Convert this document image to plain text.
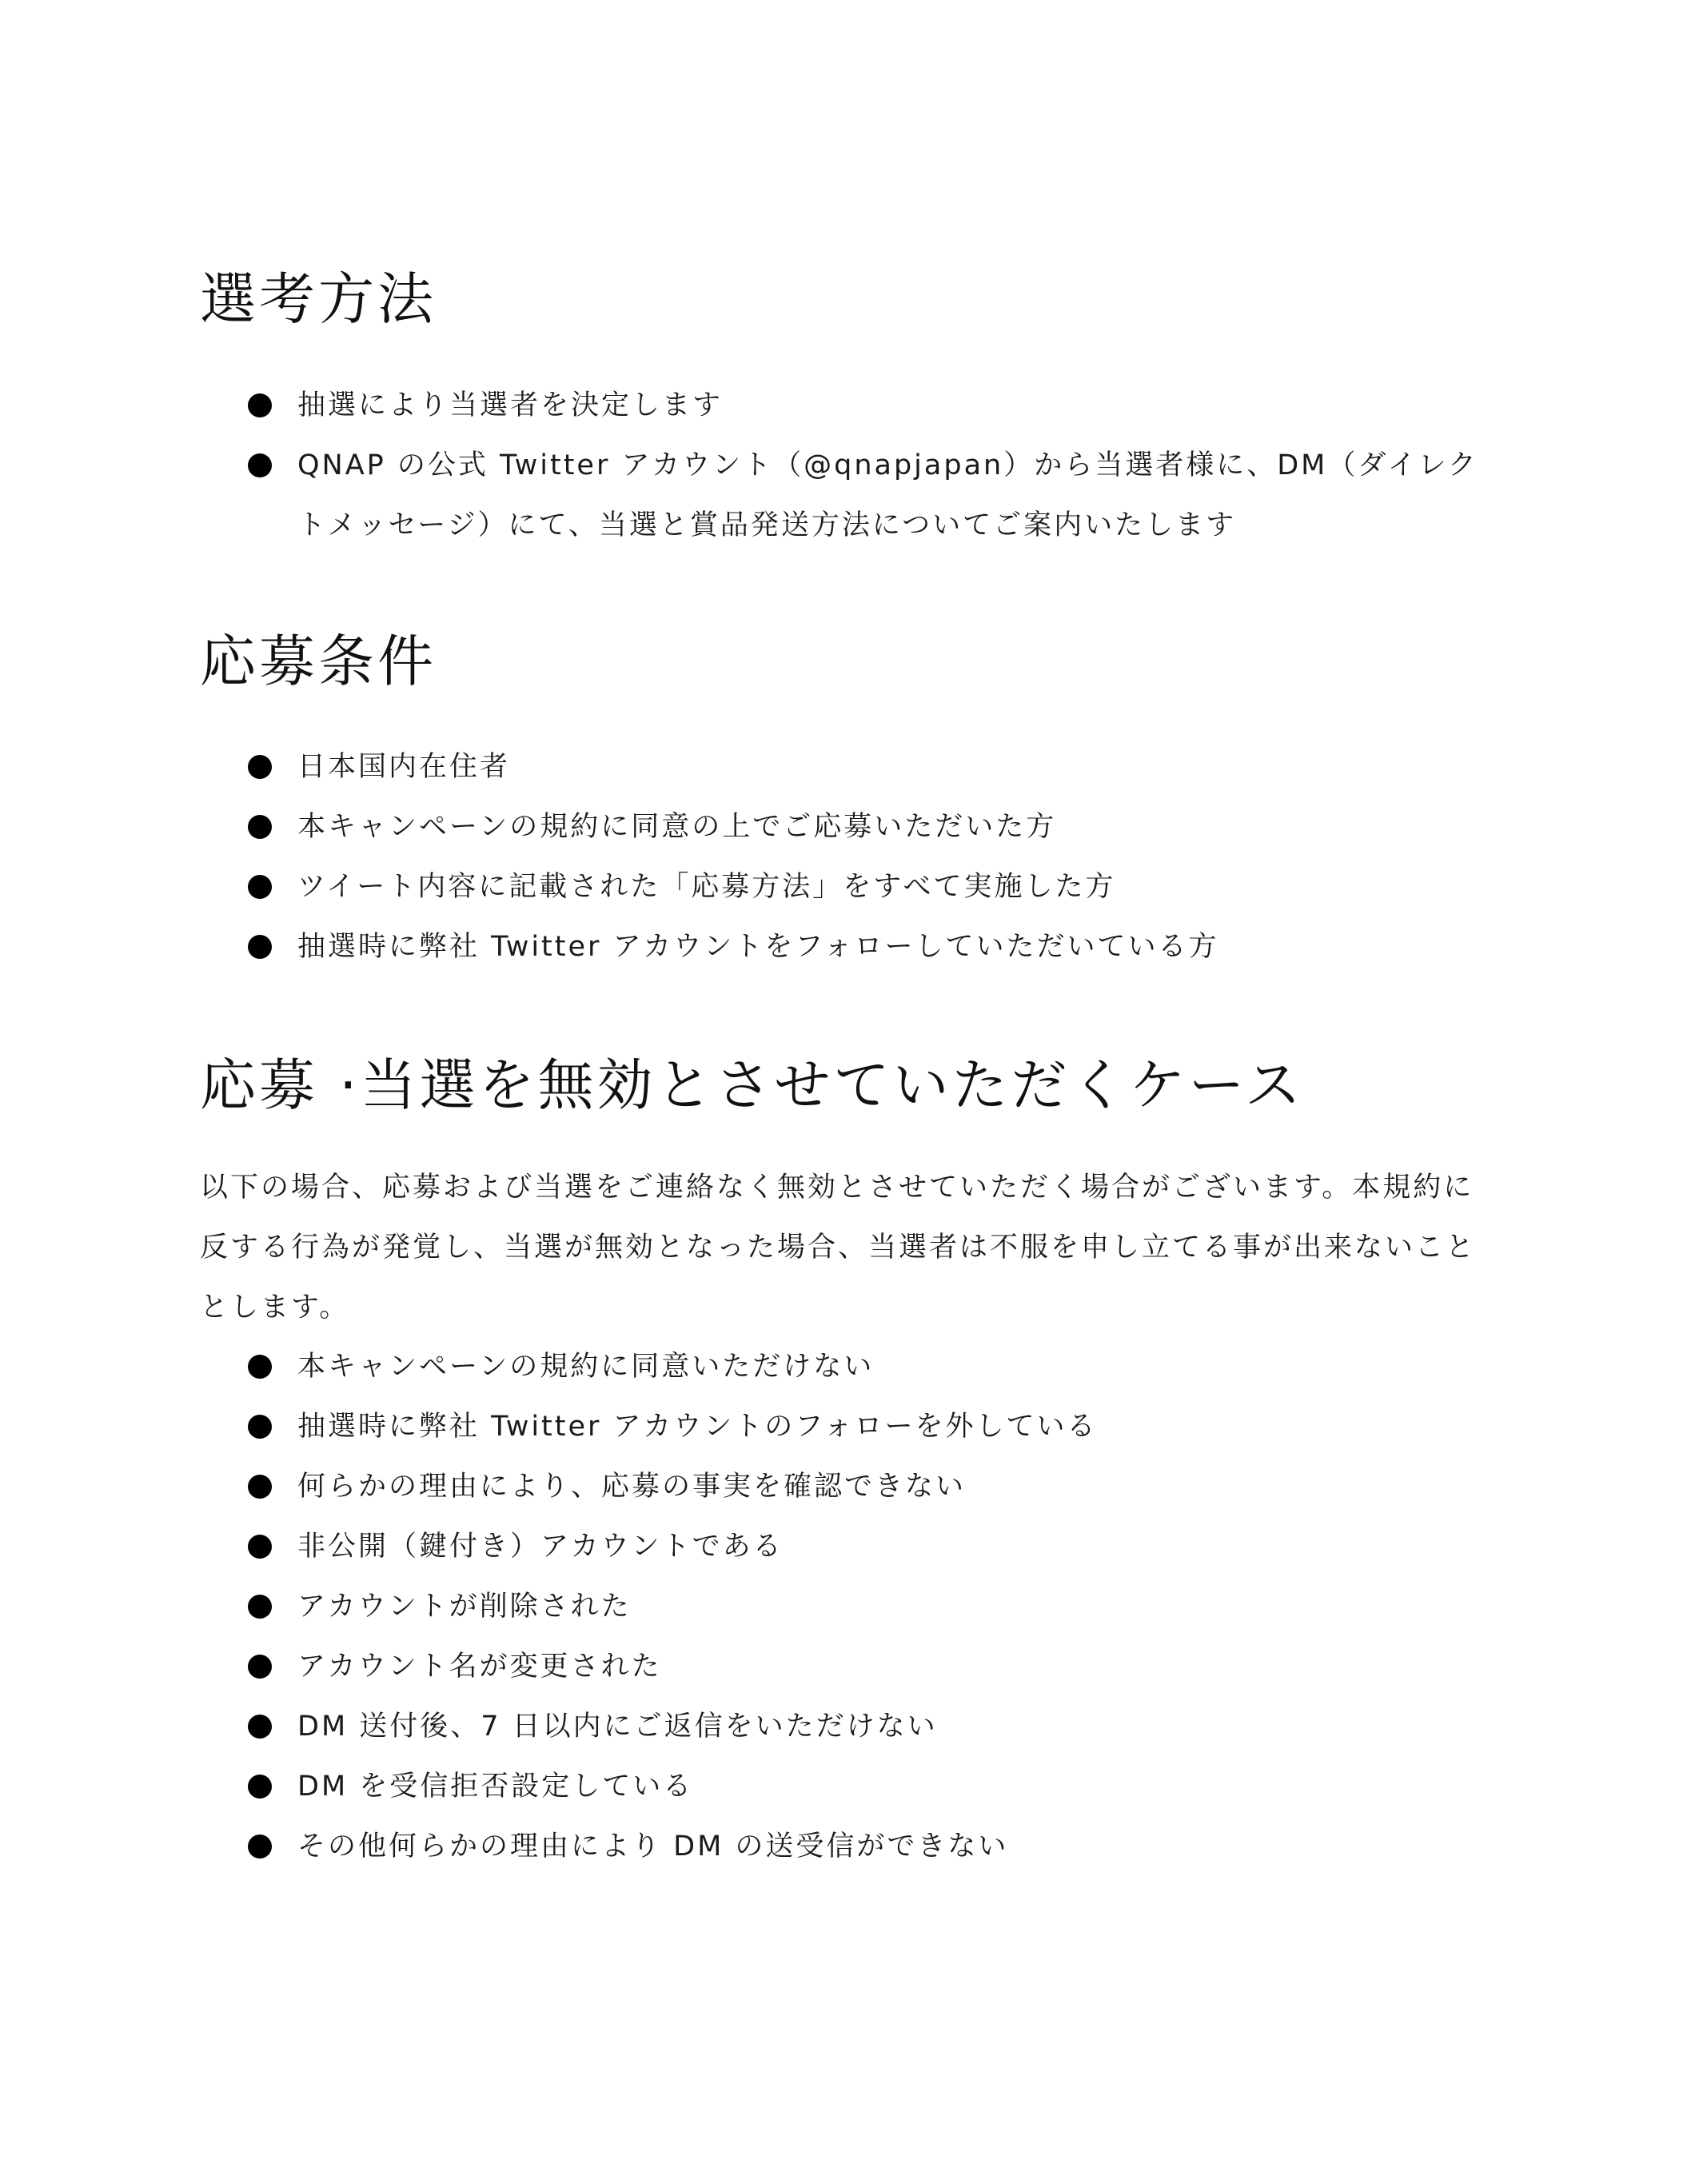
選考方法
抽選により当選者を決定します
QNAP の公式 Twitter アカウント（@qnapjapan）から当選者様に、DM（ダイレクトメッセージ）にて、当選と賞品発送方法についてご案内いたします
応募条件
日本国内在住者
本キャンペーンの規約に同意の上でご応募いただいた方
ツイート内容に記載された「応募方法」をすべて実施した方
抽選時に弊社 Twitter アカウントをフォローしていただいている方
応募 ·当選を無効とさせていただくケース

以下の場合、応募および当選をご連絡なく無効とさせていただく場合がございます。本規約に反する行為が発覚し、当選が無効となった場合、当選者は不服を申し立てる事が出来ないこととします。

本キャンペーンの規約に同意いただけない
抽選時に弊社 Twitter アカウントのフォローを外している
何らかの理由により、応募の事実を確認できない
非公開（鍵付き）アカウントである
アカウントが削除された
アカウント名が変更された
DM 送付後、7 日以内にご返信をいただけない
DM を受信拒否設定している
その他何らかの理由により DM の送受信ができない
